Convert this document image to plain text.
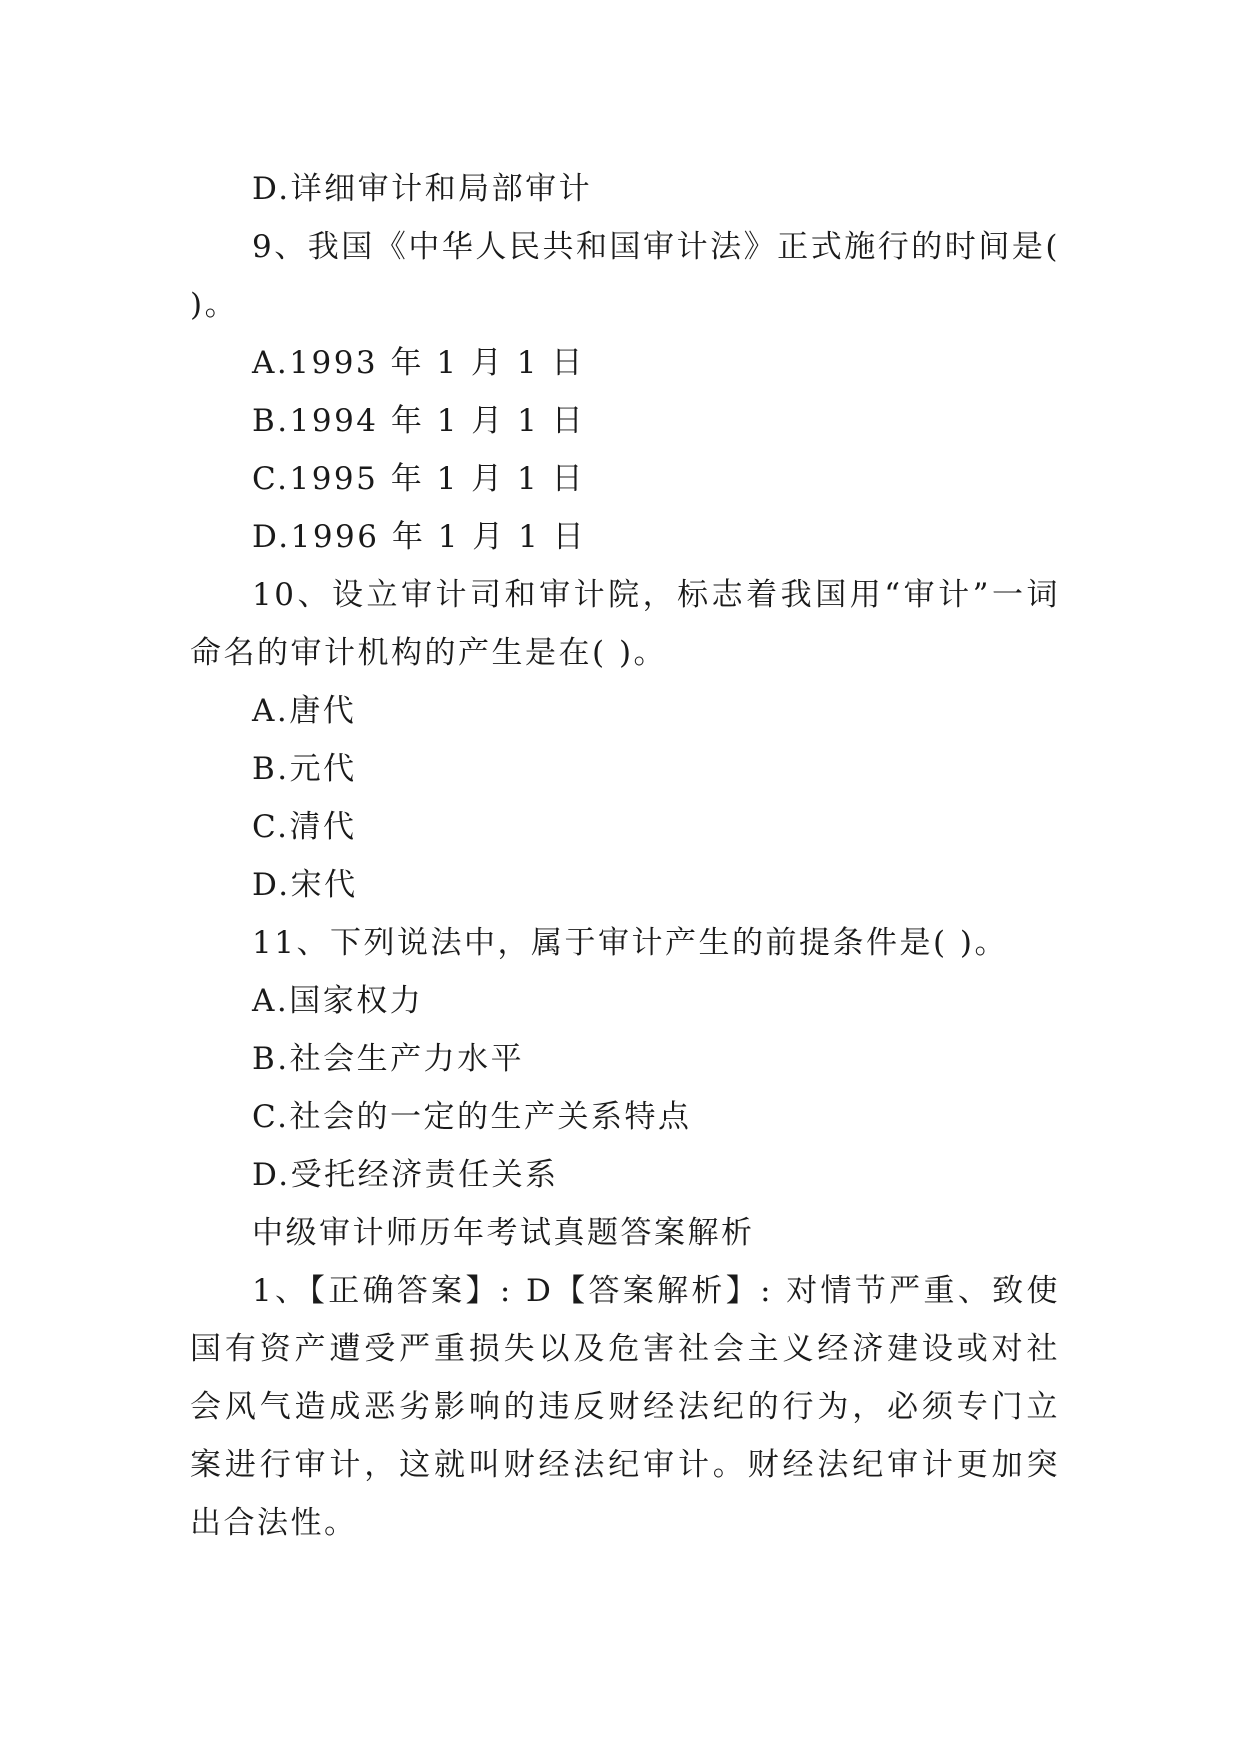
D.详细审计和局部审计

9、我国《中华人民共和国审计法》正式施行的时间是( )。

A.1993 年 1 月 1 日

B.1994 年 1 月 1 日

C.1995 年 1 月 1 日

D.1996 年 1 月 1 日

10、设立审计司和审计院，标志着我国用“审计”一词命名的审计机构的产生是在( )。

A.唐代

B.元代

C.清代

D.宋代

11、下列说法中，属于审计产生的前提条件是( )。

A.国家权力

B.社会生产力水平

C.社会的一定的生产关系特点

D.受托经济责任关系

中级审计师历年考试真题答案解析

1、【正确答案】: D【答案解析】: 对情节严重、致使国有资产遭受严重损失以及危害社会主义经济建设或对社会风气造成恶劣影响的违反财经法纪的行为，必须专门立案进行审计，这就叫财经法纪审计。财经法纪审计更加突出合法性。
